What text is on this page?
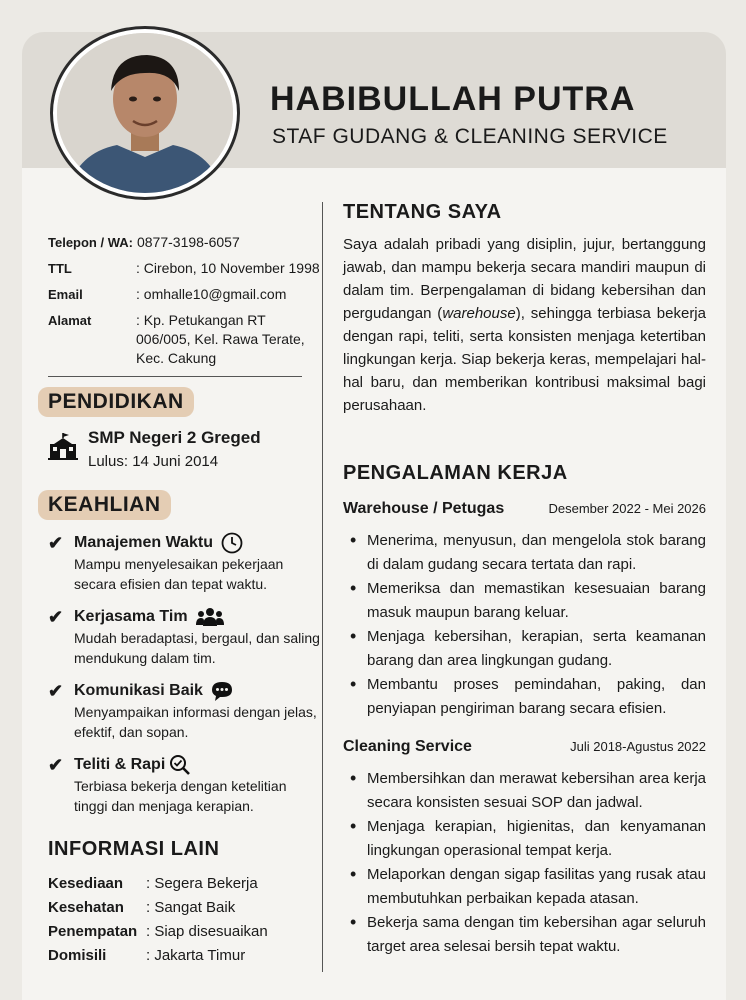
HABIBULLAH PUTRA
STAF GUDANG & CLEANING SERVICE
Telepon / WA: 0877-3198-6057
TTL	: Cirebon, 10 November 1998
Email	: omhalle10@gmail.com
Alamat	: Kp. Petukangan RT 006/005, Kel. Rawa Terate, Kec. Cakung
PENDIDIKAN
SMP Negeri 2 Greged
Lulus: 14 Juni 2014
KEAHLIAN
✔ Manajemen Waktu
Mampu menyelesaikan pekerjaan secara efisien dan tepat waktu.
✔ Kerjasama Tim
Mudah beradaptasi, bergaul, dan saling mendukung dalam tim.
✔ Komunikasi Baik
Menyampaikan informasi dengan jelas, efektif, dan sopan.
✔ Teliti & Rapi
Terbiasa bekerja dengan ketelitian tinggi dan menjaga kerapian.
INFORMASI LAIN
Kesediaan	: Segera Bekerja
Kesehatan	: Sangat Baik
Penempatan : Siap disesuaikan
Domisili	: Jakarta Timur
TENTANG SAYA
Saya adalah pribadi yang disiplin, jujur, bertanggung jawab, dan mampu bekerja secara mandiri maupun di dalam tim. Berpengalaman di bidang kebersihan dan pergudangan (warehouse), sehingga terbiasa bekerja dengan rapi, teliti, serta konsisten menjaga ketertiban lingkungan kerja. Siap bekerja keras, mempelajari hal-hal baru, dan memberikan kontribusi maksimal bagi perusahaan.
PENGALAMAN KERJA
Warehouse / Petugas	Desember 2022 - Mei 2026
• Menerima, menyusun, dan mengelola stok barang di dalam gudang secara tertata dan rapi.
• Memeriksa dan memastikan kesesuaian barang masuk maupun barang keluar.
• Menjaga kebersihan, kerapian, serta keamanan barang dan area lingkungan gudang.
• Membantu proses pemindahan, paking, dan penyiapan pengiriman barang secara efisien.
Cleaning Service	Juli 2018-Agustus 2022
• Membersihkan dan merawat kebersihan area kerja secara konsisten sesuai SOP dan jadwal.
• Menjaga kerapian, higienitas, dan kenyamanan lingkungan operasional tempat kerja.
• Melaporkan dengan sigap fasilitas yang rusak atau membutuhkan perbaikan kepada atasan.
• Bekerja sama dengan tim kebersihan agar seluruh target area selesai bersih tepat waktu.
